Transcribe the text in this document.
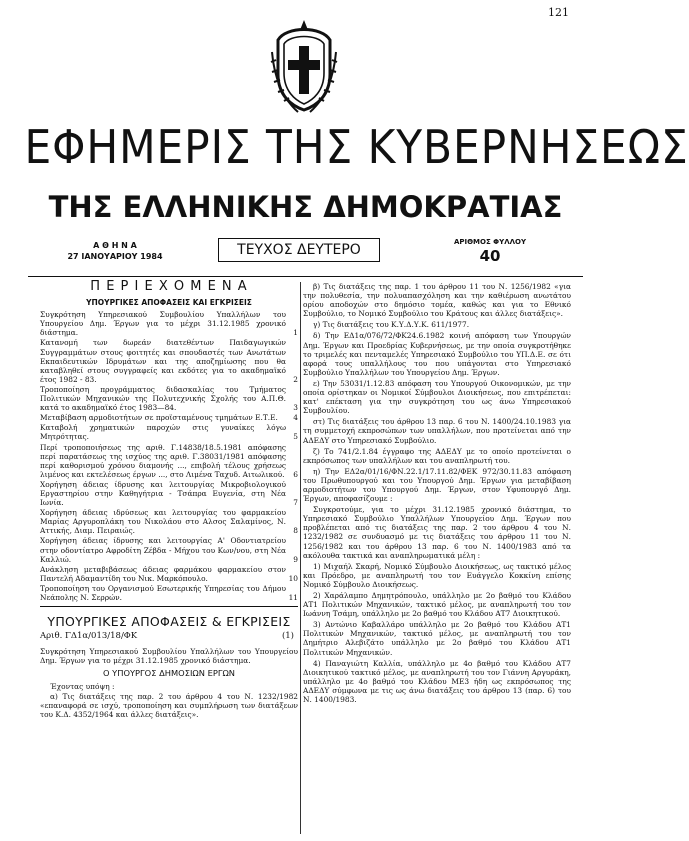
121
ΕΦΗΜΕΡΙΣ ΤΗΣ ΚΥΒΕΡΝΗΣΕΩΣ
ΤΗΣ ΕΛΛΗΝΙΚΗΣ ΔΗΜΟΚΡΑΤΙΑΣ
Α Θ Η Ν Α
27 ΙΑΝΟΥΑΡΙΟΥ 1984	ΤΕΥΧΟΣ ΔΕΥΤΕΡΟ	ΑΡΙΘΜΟΣ ΦΥΛΛΟΥ
40
Π Ε Ρ Ι Ε Χ Ο Μ Ε Ν Α
ΥΠΟΥΡΓΙΚΕΣ ΑΠΟΦΑΣΕΙΣ ΚΑΙ ΕΓΚΡΙΣΕΙΣ
Συγκρότηση Υπηρεσιακού Συμβουλίου Υπαλλήλων του Υπουργείου Δημ. Έργων για το μέχρι 31.12.1985 χρονικό διάστημα.	1
Κατανομή των δωρεάν διατεθέντων Παιδαγωγικών Συγγραμμάτων στους φοιτητές και σπουδαστές των Ανωτάτων Εκπαιδευτικών Ιδρυμάτων και της αποζημίωσης που θα καταβληθεί στους συγγραφείς και εκδότες για το ακαδημαϊκό έτος 1982 - 83.	2
Τροποποίηση προγράμματος διδασκαλίας του Τμήματος Πολιτικών Μηχανικών της Πολυτεχνικής Σχολής του Α.Π.Θ. κατά το ακαδημαϊκό έτος 1983—84.	3
Μεταβίβαση αρμοδιοτήτων σε προϊσταμένους τμημάτων Ε.Τ.Ε. 4
Καταβολή χρηματικών παροχών στις γυναίκες λόγω Μητρότητας.	5
Περί τροποποιήσεως της αριθ. Γ.14838/18.5.1981 απόφασης περί παρατάσεως της ισχύος της αριθ. Γ.38031/1981 απόφασης περί καθορισμού χρόνου διαμονής ..., επιβολή τέλους χρήσεως λιμένος και εκτελέσεως έργων ..., στο Λιμένα Ταχυδ. Αιτωλικού. 6
Χορήγηση άδειας ίδρυσης και λειτουργίας Μικροβιολογικού Εργαστηρίου στην Καθηγήτρια - Τσάπρα Ευγενία, στη Νέα Ιωνία.	7
Χορήγηση άδειας ιδρύσεως και λειτουργίας του φαρμακείου Μαρίας Αργυροπλάκη του Νικολάου στο Αλσος Σαλαμίνος, Ν. Αττικής, Διαμ. Πειραιώς.	8
Χορήγηση άδειας ίδρυσης και λειτουργίας Α' Οδοντιατρείου στην οδοντίατρο Αφροδίτη Ζέβδα - Μήχου του Κων/νου, στη Νέα Καλλιώ.	9
Ανάκληση μεταβιβάσεως άδειας φαρμάκου φαρμακείου στον Παντελή Αδαμαντίδη του Νικ. Μαρκόπουλο.	10
Τροποποίηση του Οργανισμού Εσωτερικής Υπηρεσίας του Δήμου Νεάπολης Ν. Σερρών.	11
ΥΠΟΥΡΓΙΚΕΣ ΑΠΟΦΑΣΕΙΣ & ΕΓΚΡΙΣΕΙΣ
Αριθ. ΓΔ1α/013/18/ΦΚ	(1)
Συγκρότηση Υπηρεσιακού Συμβουλίου Υπαλλήλων του Υπουργείου Δημ. Έργων για το μέχρι 31.12.1985 χρονικό διάστημα.
Ο ΥΠΟΥΡΓΟΣ ΔΗΜΟΣΙΩΝ ΕΡΓΩΝ
Έχοντας υπόψη :
α) Τις διατάξεις της παρ. 2 του άρθρου 4 του Ν. 1232/1982 «επαναφορά σε ισχύ, τροποποίηση και συμπλήρωση των διατάξεων του Κ.Δ. 4352/1964 και άλλες διατάξεις».
β) Τις διατάξεις της παρ. 1 του άρθρου 11 του Ν. 1256/1982 «για την πολυθεσία, την πολυαπασχόληση και την καθιέρωση ανωτάτου ορίου αποδοχών στο δημόσιο τομέα, καθώς και για το Εθνικό Συμβούλιο, το Νομικό Συμβούλιο του Κράτους και άλλες διατάξεις».
γ) Τις διατάξεις του Κ.Υ.Δ.Υ.Κ. 611/1977.
δ) Την ΕΔ1α/076/72/ΦΚ24.6.1982 κοινή απόφαση των Υπουργών Δημ. Έργων και Προεδρίας Κυβερνήσεως, με την οποία συγκροτήθηκε το τριμελές και πενταμελές Υπηρεσιακό Συμβούλιο του ΥΠ.Δ.Ε. σε ότι αφορά τους υπαλλήλους του που υπάγονται στο Υπηρεσιακό Συμβούλιο Υπαλλήλων του Υπουργείου Δημ. Έργων.
ε) Την 53031/1.12.83 απόφαση του Υπουργού Οικονομικών, με την οποία ορίστηκαν οι Νομικοί Σύμβουλοι Διοικήσεως, που επιτρέπεται: κατ' επέκταση για την συγκρότηση του ως άνω Υπηρεσιακού Συμβουλίου.
στ) Τις διατάξεις του άρθρου 13 παρ. 6 του Ν. 1400/24.10.1983 για τη συμμετοχή εκπροσώπων των υπαλλήλων, που προτείνεται από την ΑΔΕΔΥ στο Υπηρεσιακό Συμβούλιο.
ζ) Το 741/2.1.84 έγγραφο της ΑΔΕΔΥ με το οποίο προτείνεται ο εκπρόσωπος των υπαλλήλων και του αναπληρωτή του.
η) Την ΕΔ2α/01/16/ΦΝ.22.1/17.11.82/ΦΕΚ 972/30.11.83 απόφαση του Πρωθυπουργού και του Υπουργού Δημ. Έργων για μεταβίβαση αρμοδιοτήτων του Υπουργού Δημ. Έργων, στον Υφυπουργό Δημ. Έργων, αποφασίζουμε :
Συγκροτούμε, για το μέχρι 31.12.1985 χρονικό διάστημα, το Υπηρεσιακό Συμβούλιο Υπαλλήλων Υπουργείου Δημ. Έργων που προβλέπεται από τις διατάξεις της παρ. 2 του άρθρου 4 του Ν. 1232/1982 σε συνδυασμό με τις διατάξεις του άρθρου 11 του Ν. 1256/1982 και του άρθρου 13 παρ. 6 του Ν. 1400/1983 από τα ακόλουθα τακτικά και αναπληρωματικά μέλη :
1) Μιχαήλ Σκαρή, Νομικό Σύμβουλο Διοικήσεως, ως τακτικό μέλος και Πρόεδρο, με αναπληρωτή του τον Ευάγγελο Κοκκίνη επίσης Νομικό Σύμβουλο Διοικήσεως.
2) Χαράλαμπο Δημητρόπουλο, υπάλληλο με 2ο βαθμό του Κλάδου ΑΤ1 Πολιτικών Μηχανικών, τακτικό μέλος, με αναπληρωτή του τον Ιωάννη Τσάμη, υπάλληλο με 2ο βαθμό του Κλάδου ΑΤ7 Διοικητικού.
3) Αντώνιο Καβαλλάρο υπάλληλο με 2ο βαθμό του Κλάδου ΑΤ1 Πολιτικών Μηχανικών, τακτικό μέλος, με αναπληρωτή του τον Δημήτριο Αλεβιζάτο υπάλληλο με 2ο βαθμό του Κλάδου ΑΤ1 Πολιτικών Μηχανικών.
4) Παναγιώτη Καλλία, υπάλληλο με 4ο βαθμό του Κλάδου ΑΤ7 Διοικητικού τακτικό μέλος, με αναπληρωτή του τον Γιάννη Αργυράκη, υπάλληλο με 4ο βαθμό του Κλάδου ΜΕ3 ήδη ως εκπρόσωπος της ΑΔΕΔΥ σύμφωνα με τις ως άνω διατάξεις του άρθρου 13 (παρ. 6) του Ν. 1400/1983.
